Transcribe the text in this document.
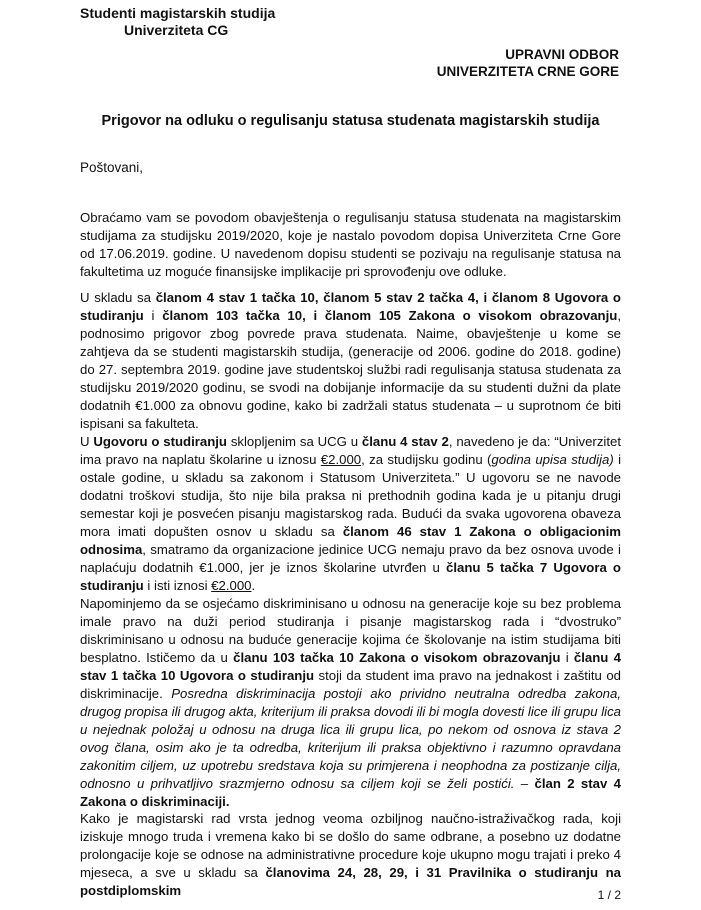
Studenti magistarskih studija
Univerziteta CG
UPRAVNI ODBOR
UNIVERZITETA CRNE GORE
Prigovor na odluku o regulisanju statusa studenata magistarskih studija
Poštovani,

Obraćamo vam se povodom obavještenja o regulisanju statusa studenata na magistarskim studijama za studijsku 2019/2020, koje je nastalo povodom dopisa Univerziteta Crne Gore od 17.06.2019. godine. U navedenom dopisu studenti se pozivaju na regulisanje statusa na fakultetima uz moguće finansijske implikacije pri sprovođenju ove odluke.

U skladu sa članom 4 stav 1 tačka 10, članom 5 stav 2 tačka 4, i članom 8 Ugovora o studiranju i članom 103 tačka 10, i članom 105 Zakona o visokom obrazovanju, podnosimo prigovor zbog povrede prava studenata. Naime, obavještenje u kome se zahtjeva da se studenti magistarskih studija, (generacije od 2006. godine do 2018. godine) do 27. septembra 2019. godine jave studentskoj službi radi regulisanja statusa studenata za studijsku 2019/2020 godinu, se svodi na dobijanje informacije da su studenti dužni da plate dodatnih €1.000 za obnovu godine, kako bi zadržali status studenata – u suprotnom će biti ispisani sa fakulteta.

U Ugovoru o studiranju sklopljenim sa UCG u članu 4 stav 2, navedeno je da: “Univerzitet ima pravo na naplatu školarine u iznosu €2.000, za studijsku godinu (godina upisa studija) i ostale godine, u skladu sa zakonom i Statusom Univerziteta.” U ugovoru se ne navode dodatni troškovi studija, što nije bila praksa ni prethodnih godina kada je u pitanju drugi semestar koji je posvećen pisanju magistarskog rada. Budući da svaka ugovorena obaveza mora imati dopušten osnov u skladu sa članom 46 stav 1 Zakona o obligacionim odnosima, smatramo da organizacione jedinice UCG nemaju pravo da bez osnova uvode i naplaćuju dodatnih €1.000, jer je iznos školarine utvrđen u članu 5 tačka 7 Ugovora o studiranju i isti iznosi €2.000.

Napominjemo da se osjećamo diskriminisano u odnosu na generacije koje su bez problema imale pravo na duži period studiranja i pisanje magistarskog rada i “dvostruko” diskriminisano u odnosu na buduće generacije kojima će školovanje na istim studijama biti besplatno. Ističemo da u članu 103 tačka 10 Zakona o visokom obrazovanju i članu 4 stav 1 tačka 10 Ugovora o studiranju stoji da student ima pravo na jednakost i zaštitu od diskriminacije. Posredna diskriminacija postoji ako prividno neutralna odredba zakona, drugog propisa ili drugog akta, kriterijum ili praksa dovodi ili bi mogla dovesti lice ili grupu lica u nejednak položaj u odnosu na druga lica ili grupu lica, po nekom od osnova iz stava 2 ovog člana, osim ako je ta odredba, kriterijum ili praksa objektivno i razumno opravdana zakonitim ciljem, uz upotrebu sredstava koja su primjerena i neophodna za postizanje cilja, odnosno u prihvatljivo srazmjerno odnosu sa ciljem koji se želi postići. – član 2 stav 4 Zakona o diskriminaciji.

Kako je magistarski rad vrsta jednog veoma ozbiljnog naučno-istraživačkog rada, koji iziskuje mnogo truda i vremena kako bi se došlo do same odbrane, a posebno uz dodatne prolongacije koje se odnose na administrativne procedure koje ukupno mogu trajati i preko 4 mjeseca, a sve u skladu sa članovima 24, 28, 29, i 31 Pravilnika o studiranju na postdiplomskim	1 / 2
